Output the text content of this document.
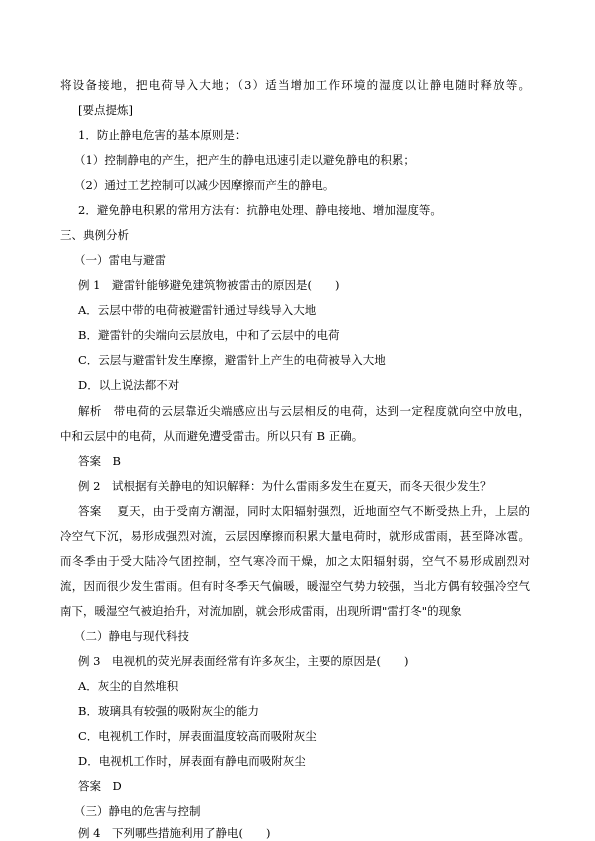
将设备接地，把电荷导入大地；（3）适当增加工作环境的湿度以让静电随时释放等。
[要点提炼]
1．防止静电危害的基本原则是：
（1）控制静电的产生，把产生的静电迅速引走以避免静电的积累；
（2）通过工艺控制可以减少因摩擦而产生的静电。
2．避免静电积累的常用方法有：抗静电处理、静电接地、增加湿度等。
三、典例分析
（一）雷电与避雷
例 1　避雷针能够避免建筑物被雷击的原因是(　　)
A．云层中带的电荷被避雷针通过导线导入大地
B．避雷针的尖端向云层放电，中和了云层中的电荷
C．云层与避雷针发生摩擦，避雷针上产生的电荷被导入大地
D．以上说法都不对
解析　带电荷的云层靠近尖端感应出与云层相反的电荷，达到一定程度就向空中放电，
中和云层中的电荷，从而避免遭受雷击。所以只有 B 正确。
答案　B
例 2　试根据有关静电的知识解释：为什么雷雨多发生在夏天，而冬天很少发生？
答案　 夏天，由于受南方潮湿，同时太阳辐射强烈，近地面空气不断受热上升，上层的
冷空气下沉，易形成强烈对流，云层因摩擦而积累大量电荷时，就形成雷雨，甚至降冰雹。
而冬季由于受大陆冷气团控制，空气寒冷而干燥，加之太阳辐射弱，空气不易形成剧烈对
流，因而很少发生雷雨。但有时冬季天气偏暖，暖湿空气势力较强，当北方偶有较强冷空气
南下，暖湿空气被迫抬升，对流加剧，就会形成雷雨，出现所谓"雷打冬"的现象
（二）静电与现代科技
例 3　电视机的荧光屏表面经常有许多灰尘，主要的原因是(　　)
A．灰尘的自然堆积
B．玻璃具有较强的吸附灰尘的能力
C．电视机工作时，屏表面温度较高而吸附灰尘
D．电视机工作时，屏表面有静电而吸附灰尘
答案　D
（三）静电的危害与控制
例 4　下列哪些措施利用了静电(　　)
